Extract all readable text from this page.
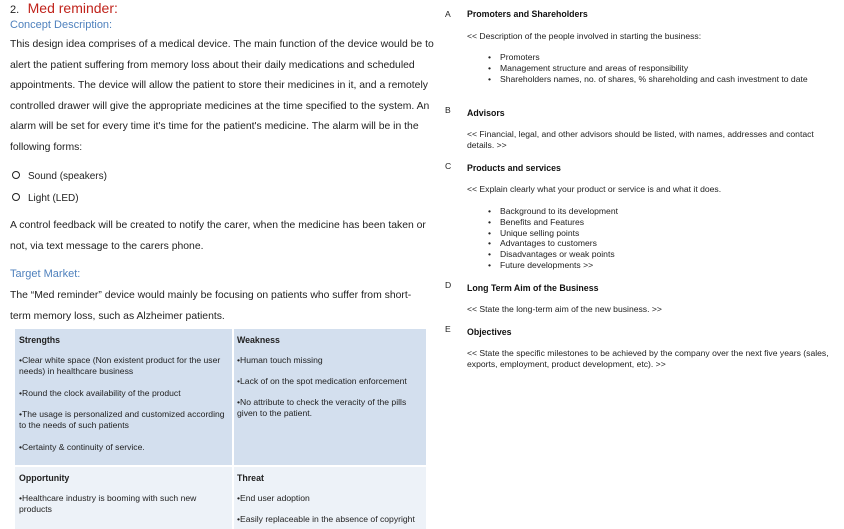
2. Med reminder:
Concept Description:
This design idea comprises of a medical device. The main function of the device would be to
alert the patient suffering from memory loss about their daily medications and scheduled
appointments. The device will allow the patient to store their medicines in it, and a remotely
controlled drawer will give the appropriate medicines at the time specified to the system. An
alarm will be set for every time it's time for the patient's medicine. The alarm will be in the
following forms:
Sound (speakers)
Light (LED)
A control feedback will be created to notify the carer, when the medicine has been taken or
not, via text message to the carers phone.
Target Market:
The “Med reminder” device would mainly be focusing on patients who suffer from short-
term memory loss, such as Alzheimer patients.
Strengths
•Clear white space (Non existent product for the user needs) in healthcare business
•Round the clock availability of the product
•The usage is personalized and customized according to the needs of such patients
•Certainty & continuity of service.
Weakness
•Human touch missing
•Lack of on the spot medication enforcement
•No attribute to check the veracity of the pills given to the patient.
Opportunity
•Healthcare industry is booming with such new products
Threat
•End user adoption
•Easily replaceable in the absence of copyright
A Promoters and Shareholders
<< Description of the people involved in starting the business:
• Promoters
• Management structure and areas of responsibility
• Shareholders names, no. of shares, % shareholding and cash investment to date
B Advisors
<< Financial, legal, and other advisors should be listed, with names, addresses and contact details. >>
C Products and services
<< Explain clearly what your product or service is and what it does.
• Background to its development
• Benefits and Features
• Unique selling points
• Advantages to customers
• Disadvantages or weak points
• Future developments >>
D Long Term Aim of the Business
<< State the long-term aim of the new business. >>
E Objectives
<< State the specific milestones to be achieved by the company over the next five years (sales, exports, employment, product development, etc). >>
